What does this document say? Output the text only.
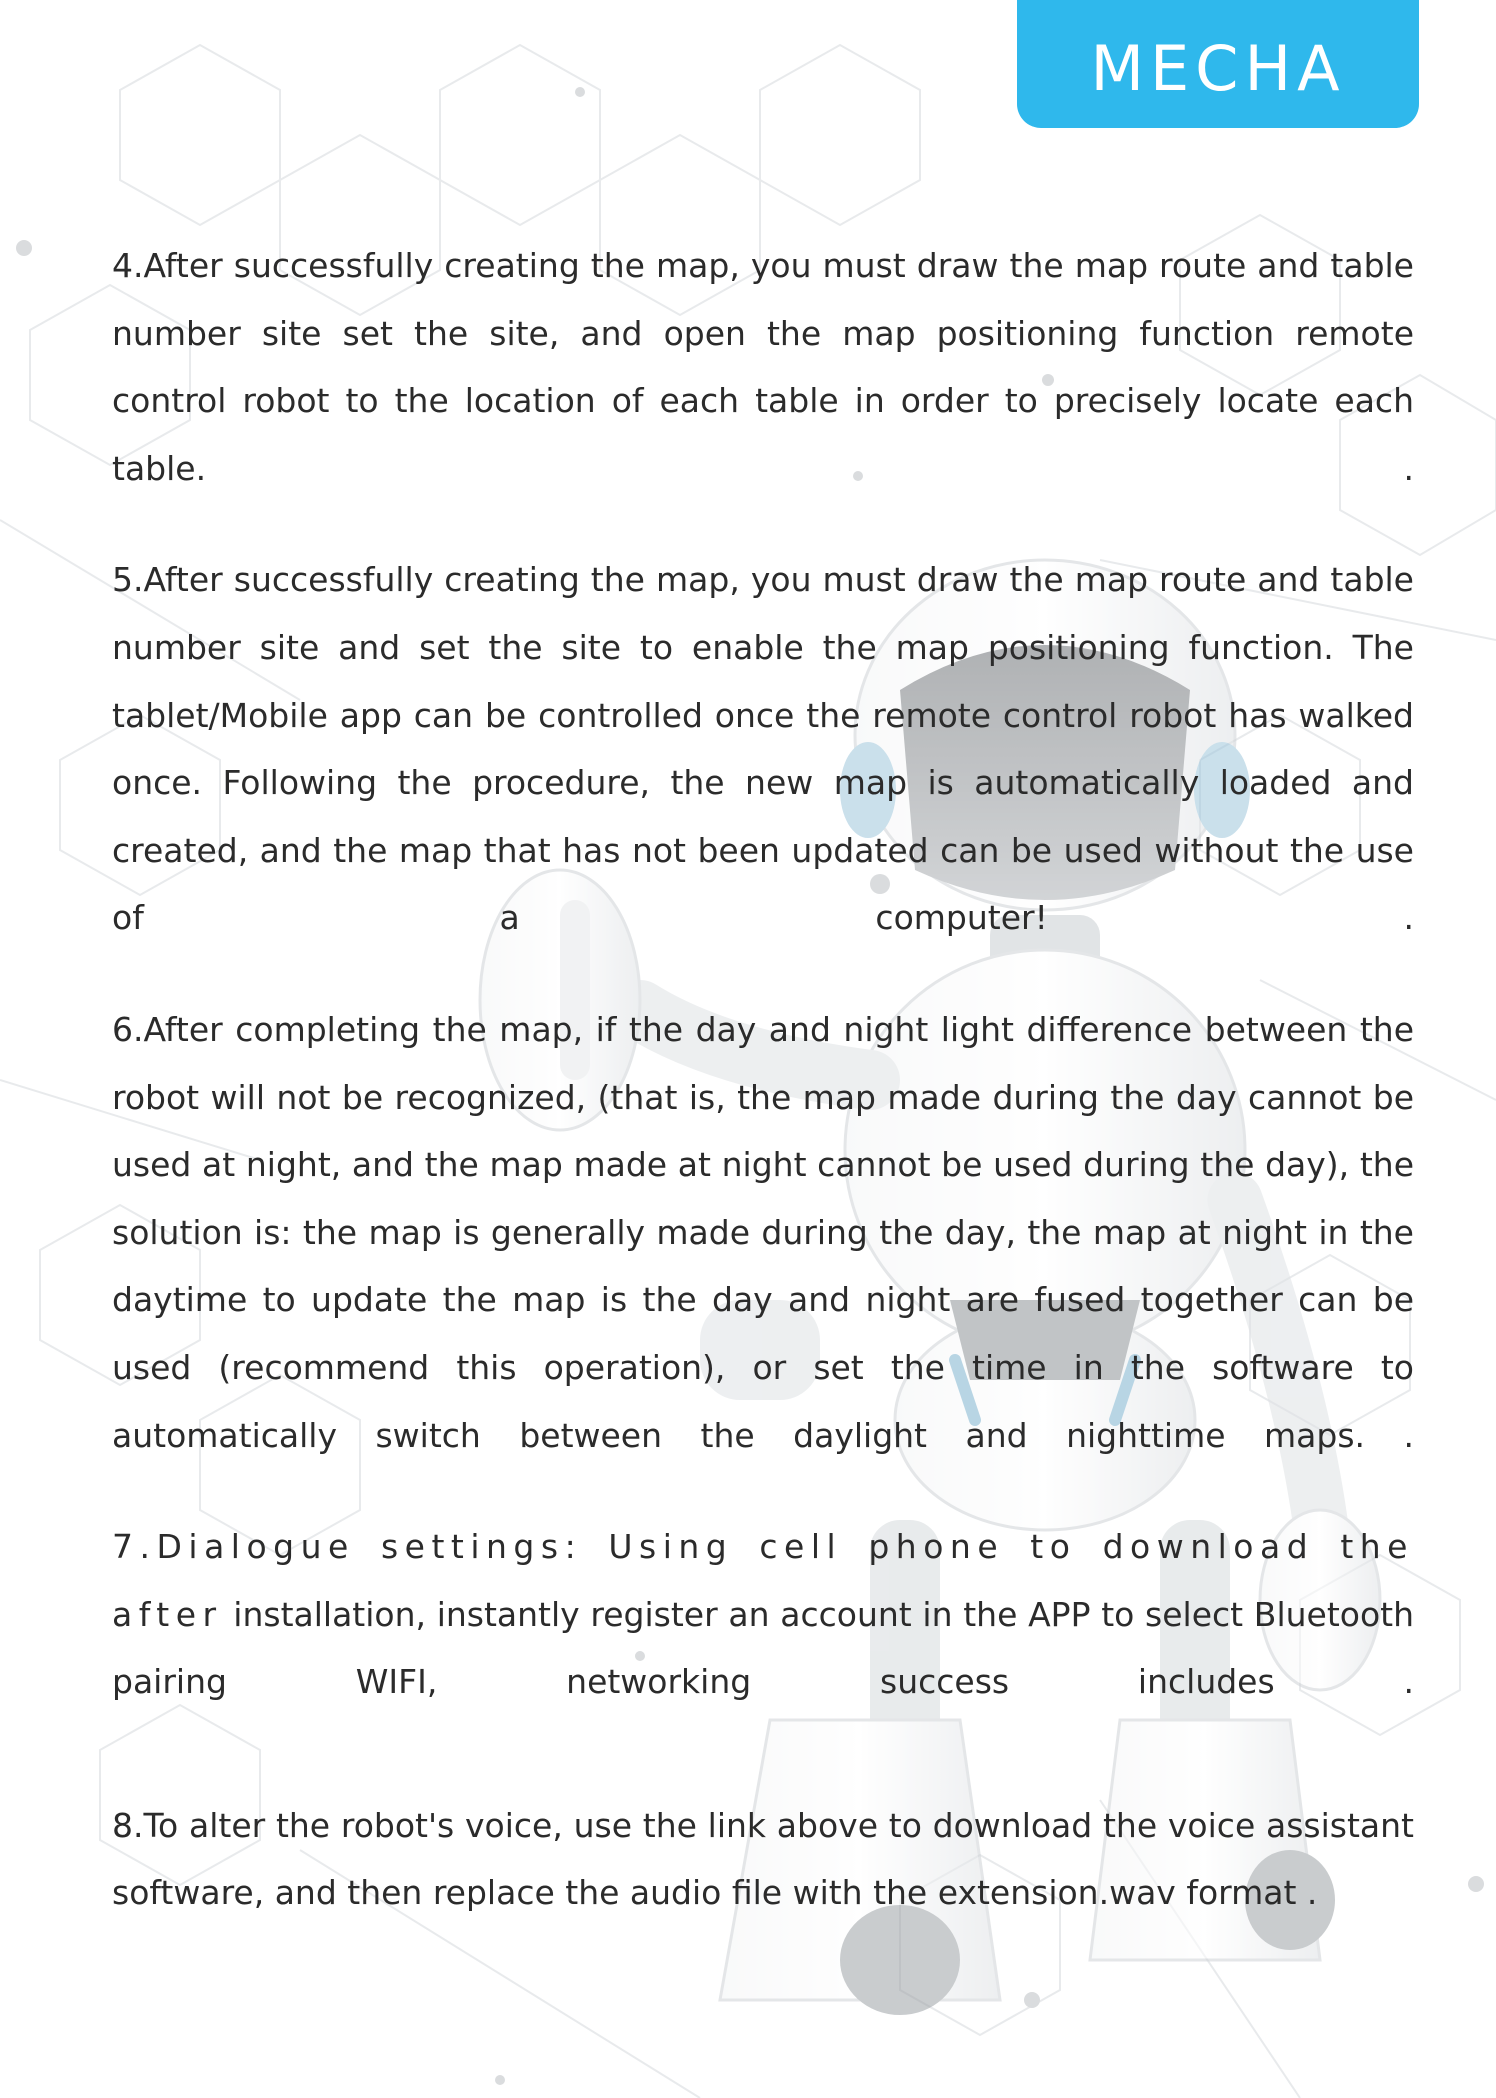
MECHA

4.After successfully creating the map, you must draw the map route and table number site set the site, and open the map positioning function remote control robot to the location of each table in order to precisely locate each table. .

5.After successfully creating the map, you must draw the map route and table number site and set the site to enable the map positioning function. The tablet/Mobile app can be controlled once the remote control robot has walked once. Following the procedure, the new map is automatically loaded and created, and the map that has not been updated can be used without the use of a computer! .

6.After completing the map, if the day and night light difference between the robot will not be recognized, (that is, the map made during the day cannot be used at night, and the map made at night cannot be used during the day), the solution is: the map is generally made during the day, the map at night in the daytime to update the map is the day and night are fused together can be used (recommend this operation), or set the time in the software to automatically switch between the daylight and nighttime maps. .

7.Dialogue settings: Using cell phone to download the after installation, instantly register an account in the APP to select Bluetooth pairing WIFI, networking success includes .

8.To alter the robot's voice, use the link above to download the voice assistant software, and then replace the audio file with the extension.wav format .
